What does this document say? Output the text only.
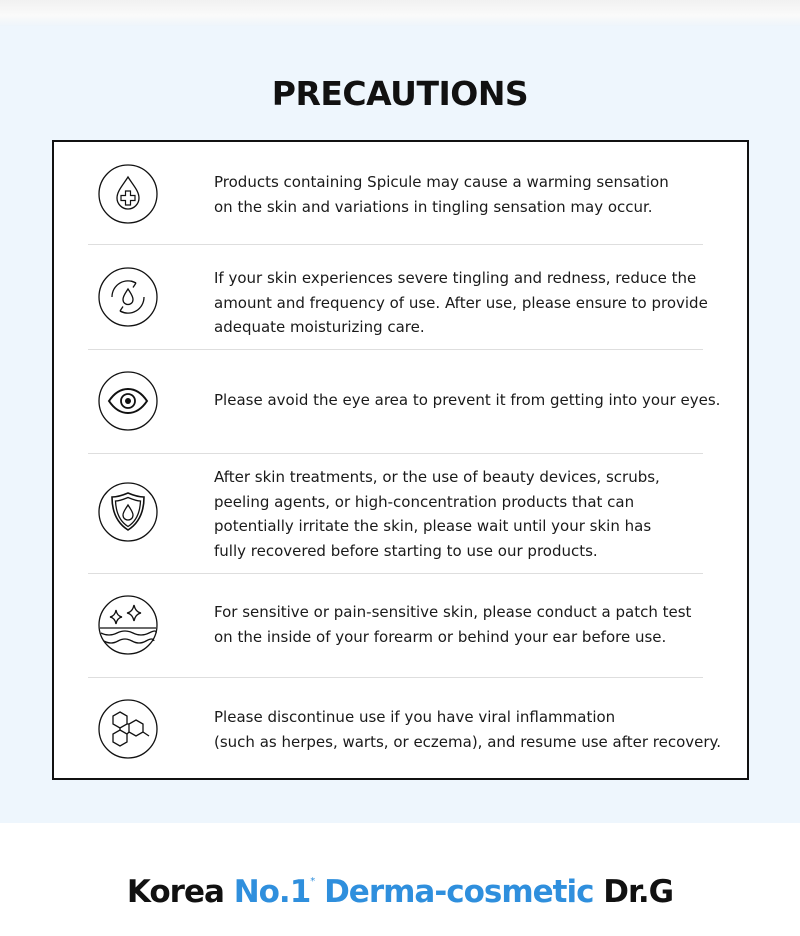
PRECAUTIONS
Products containing Spicule may cause a warming sensation
on the skin and variations in tingling sensation may occur.
If your skin experiences severe tingling and redness, reduce the
amount and frequency of use. After use, please ensure to provide
adequate moisturizing care.
Please avoid the eye area to prevent it from getting into your eyes.
After skin treatments, or the use of beauty devices, scrubs,
peeling agents, or high-concentration products that can
potentially irritate the skin, please wait until your skin has
fully recovered before starting to use our products.
For sensitive or pain-sensitive skin, please conduct a patch test
on the inside of your forearm or behind your ear before use.
Please discontinue use if you have viral inflammation
(such as herpes, warts, or eczema), and resume use after recovery.
Korea No.1* Derma-cosmetic Dr.G
